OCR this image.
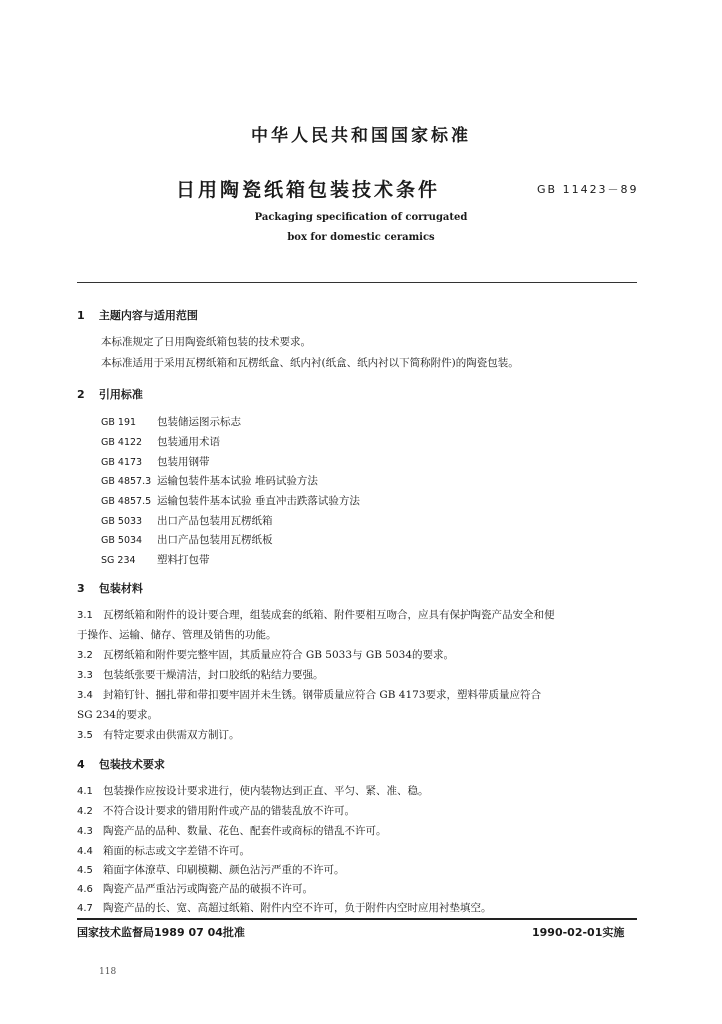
中华人民共和国国家标准
日用陶瓷纸箱包装技术条件	GB 11423－89
Packaging specification of corrugated
box for domestic ceramics
1 主题内容与适用范围
本标准规定了日用陶瓷纸箱包装的技术要求。
本标准适用于采用瓦楞纸箱和瓦楞纸盒、纸内衬(纸盒、纸内衬以下简称附件)的陶瓷包装。
2 引用标准
GB 191 包装储运图示标志
GB 4122 包装通用术语
GB 4173 包装用钢带
GB 4857.3 运输包装件基本试验 堆码试验方法
GB 4857.5 运输包装件基本试验 垂直冲击跌落试验方法
GB 5033 出口产品包装用瓦楞纸箱
GB 5034 出口产品包装用瓦楞纸板
SG 234 塑料打包带
3 包装材料
3.1 瓦楞纸箱和附件的设计要合理，组装成套的纸箱、附件要相互吻合，应具有保护陶瓷产品安全和便
于操作、运输、储存、管理及销售的功能。
3.2 瓦楞纸箱和附件要完整牢固，其质量应符合 GB 5033与 GB 5034的要求。
3.3 包装纸张要干燥清洁，封口胶纸的粘结力要强。
3.4 封箱钉针、捆扎带和带扣要牢固并未生锈。钢带质量应符合 GB 4173要求，塑料带质量应符合
SG 234的要求。
3.5 有特定要求由供需双方制订。
4 包装技术要求
4.1 包装操作应按设计要求进行，使内装物达到正直、平匀、紧、准、稳。
4.2 不符合设计要求的错用附件或产品的错装乱放不许可。
4.3 陶瓷产品的品种、数量、花色、配套件或商标的错乱不许可。
4.4 箱面的标志或文字差错不许可。
4.5 箱面字体潦草、印刷模糊、颜色沾污严重的不许可。
4.6 陶瓷产品严重沾污或陶瓷产品的破损不许可。
4.7 陶瓷产品的长、宽、高超过纸箱、附件内空不许可，负于附件内空时应用衬垫填空。
国家技术监督局1989 07 04批准	1990-02-01实施
118
